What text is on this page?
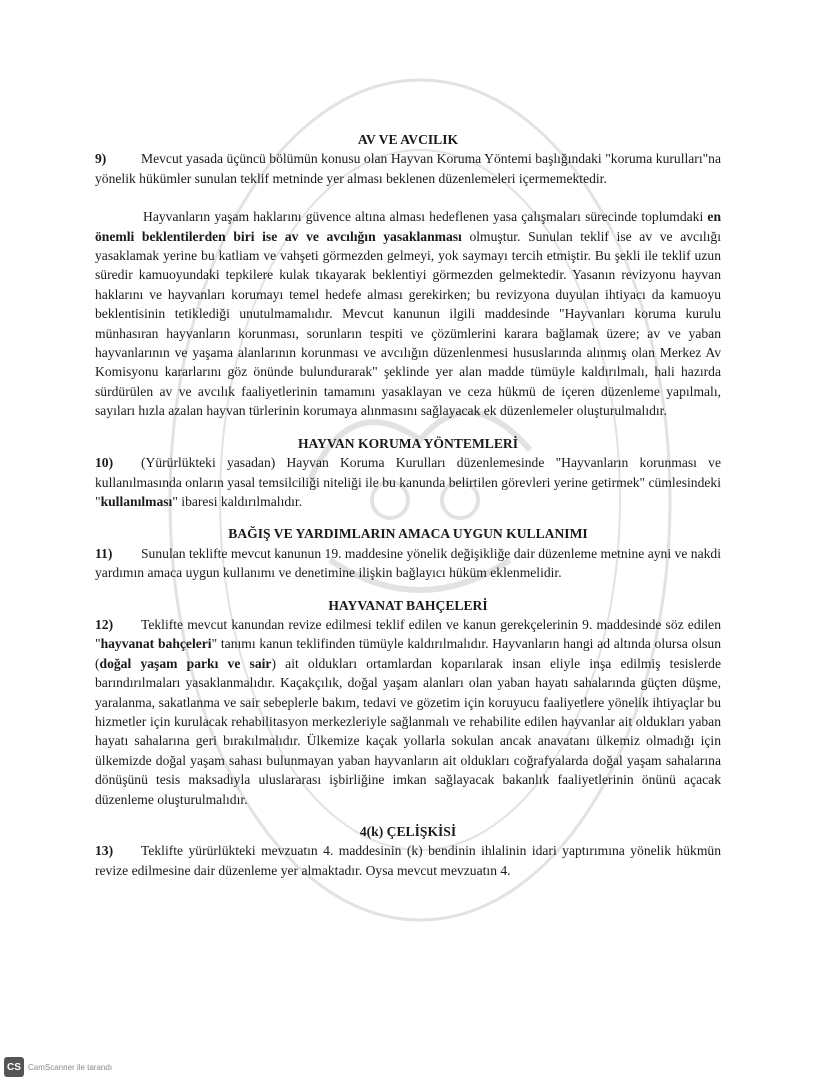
AV VE AVCILIK

9)	Mevcut yasada üçüncü bölümün konusu olan Hayvan Koruma Yöntemi başlığındaki "koruma kurulları"na yönelik hükümler sunulan teklif metninde yer alması beklenen düzenlemeleri içermemektedir.

Hayvanların yaşam haklarını güvence altına alması hedeflenen yasa çalışmaları sürecinde toplumdaki en önemli beklentilerden biri ise av ve avcılığın yasaklanması olmuştur. Sunulan teklif ise av ve avcılığı yasaklamak yerine bu katliam ve vahşeti görmezden gelmeyi, yok saymayı tercih etmiştir. Bu şekli ile teklif uzun süredir kamuoyundaki tepkilere kulak tıkayarak beklentiyi görmezden gelmektedir. Yasanın revizyonu hayvan haklarını ve hayvanları korumayı temel hedefe alması gerekirken; bu revizyona duyulan ihtiyacı da kamuoyu beklentisinin tetiklediği unutulmamalıdır. Mevcut kanunun ilgili maddesinde "Hayvanları koruma kurulu münhasıran hayvanların korunması, sorunların tespiti ve çözümlerini karara bağlamak üzere; av ve yaban hayvanlarının ve yaşama alanlarının korunması ve avcılığın düzenlenmesi hususlarında alınmış olan Merkez Av Komisyonu kararlarını göz önünde bulundurarak" şeklinde yer alan madde tümüyle kaldırılmalı, hali hazırda sürdürülen av ve avcılık faaliyetlerinin tamamını yasaklayan ve ceza hükmü de içeren düzenleme yapılmalı, sayıları hızla azalan hayvan türlerinin korumaya alınmasını sağlayacak ek düzenlemeler oluşturulmalıdır.

HAYVAN KORUMA YÖNTEMLERİ

10) (Yürürlükteki yasadan) Hayvan Koruma Kurulları düzenlemesinde "Hayvanların korunması ve kullanılmasında onların yasal temsilciliği niteliği ile bu kanunda belirtilen görevleri yerine getirmek" cümlesindeki "kullanılması" ibaresi kaldırılmalıdır.

BAĞIŞ VE YARDIMLARIN AMACA UYGUN KULLANIMI

11) Sunulan teklifte mevcut kanunun 19. maddesine yönelik değişikliğe dair düzenleme metnine ayni ve nakdi yardımın amaca uygun kullanımı ve denetimine ilişkin bağlayıcı hüküm eklenmelidir.

HAYVANAT BAHÇELERİ

12) Teklifte mevcut kanundan revize edilmesi teklif edilen ve kanun gerekçelerinin 9. maddesinde söz edilen "hayvanat bahçeleri" tanımı kanun teklifinden tümüyle kaldırılmalıdır. Hayvanların hangi ad altında olursa olsun (doğal yaşam parkı ve sair) ait oldukları ortamlardan koparılarak insan eliyle inşa edilmiş tesislerde barındırılmaları yasaklanmalıdır. Kaçakçılık, doğal yaşam alanları olan yaban hayatı sahalarında güçten düşme, yaralanma, sakatlanma ve sair sebeplerle bakım, tedavi ve gözetim için koruyucu faaliyetlere yönelik ihtiyaçlar bu hizmetler için kurulacak rehabilitasyon merkezleriyle sağlanmalı ve rehabilite edilen hayvanlar ait oldukları yaban hayatı sahalarına geri bırakılmalıdır. Ülkemize kaçak yollarla sokulan ancak anavatanı ülkemiz olmadığı için ülkemizde doğal yaşam sahası bulunmayan yaban hayvanların ait oldukları coğrafyalarda doğal yaşam sahalarına dönüşünü tesis maksadıyla uluslararası işbirliğine imkan sağlayacak bakanlık faaliyetlerinin önünü açacak düzenleme oluşturulmalıdır.

4(k) ÇELİŞKİSİ

13) Teklifte yürürlükteki mevzuatın 4. maddesinin (k) bendinin ihlalinin idari yaptırımına yönelik hükmün revize edilmesine dair düzenleme yer almaktadır. Oysa mevcut mevzuatın 4.

CS CamScanner ile tarandı
